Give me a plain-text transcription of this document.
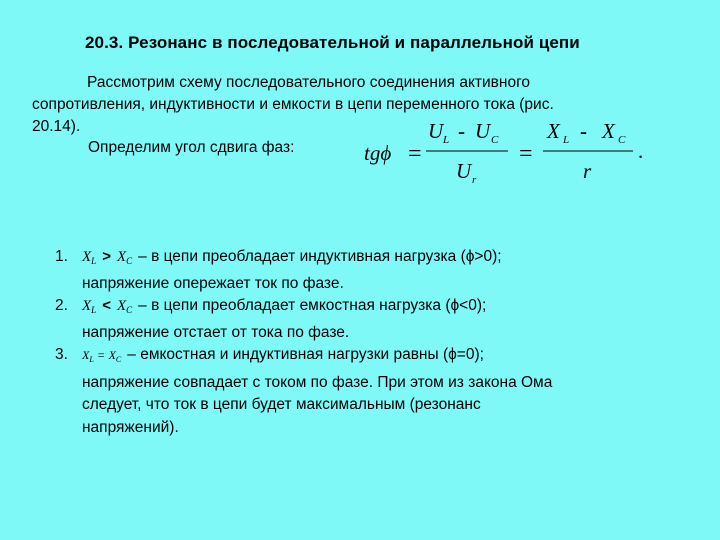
20.3. Резонанс в последовательной и параллельной цепи
Рассмотрим схему последовательного соединения активного
сопротивления, индуктивности и емкости в цепи переменного тока (рис.
20.14).
Определим угол сдвига фаз:	tgϕ =
U L - U C
U r
=
X L - X C
r
.
1. $X_L > X_C - в$ цепи преобладает индуктивная нагрузка (ϕ>0);
напряжение опережает ток по фазе.
2. $X_L < X_C - в$ цепи преобладает емкостная нагрузка (ϕ<0);
напряжение отстает от тока по фазе.
3. $X_L = X_C$ – емкостная и индуктивная нагрузки равны (ϕ=0);
напряжение совпадает с током по фазе. При этом из закона Ома
следует, что ток в цепи будет максимальным (резонанс
напряжений).
